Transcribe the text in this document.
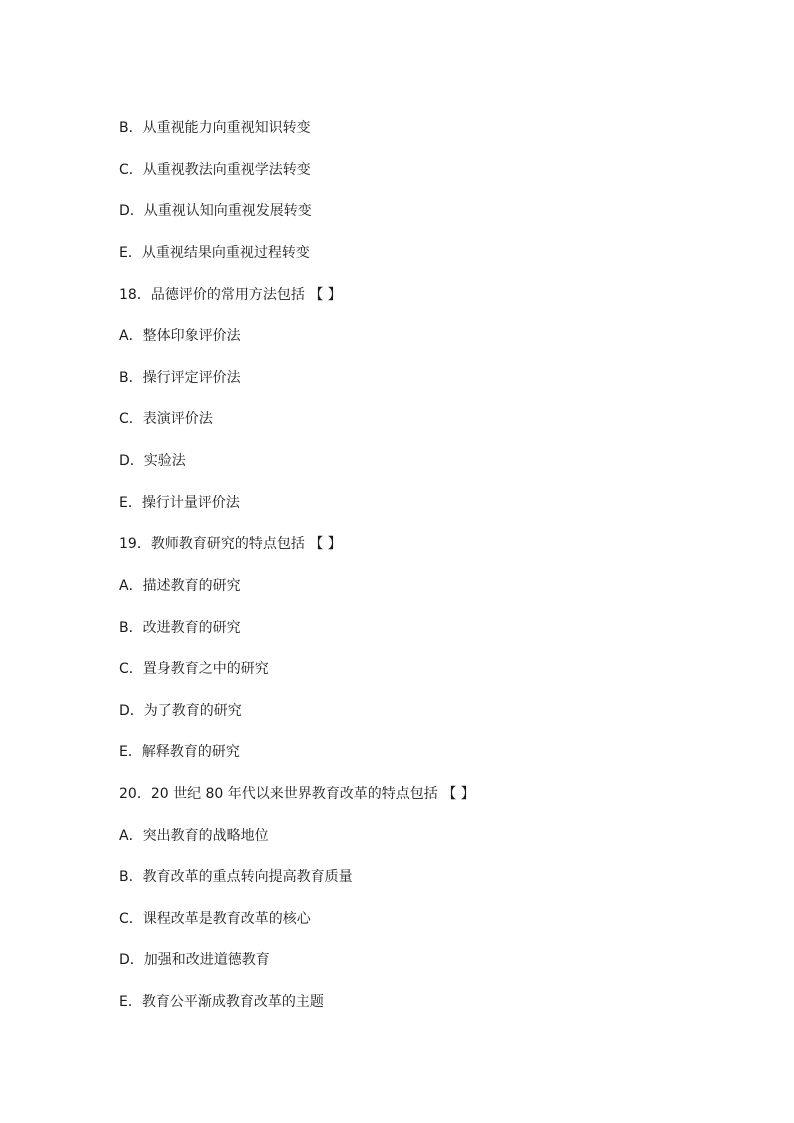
B．从重视能力向重视知识转变
C．从重视教法向重视学法转变
D．从重视认知向重视发展转变
E．从重视结果向重视过程转变
18．品德评价的常用方法包括 【 】
A．整体印象评价法
B．操行评定评价法
C．表演评价法
D．实验法
E．操行计量评价法
19．教师教育研究的特点包括 【 】
A．描述教育的研究
B．改进教育的研究
C．置身教育之中的研究
D．为了教育的研究
E．解释教育的研究
20．20 世纪 80 年代以来世界教育改革的特点包括 【 】
A．突出教育的战略地位
B．教育改革的重点转向提高教育质量
C．课程改革是教育改革的核心
D．加强和改进道德教育
E．教育公平渐成教育改革的主题
